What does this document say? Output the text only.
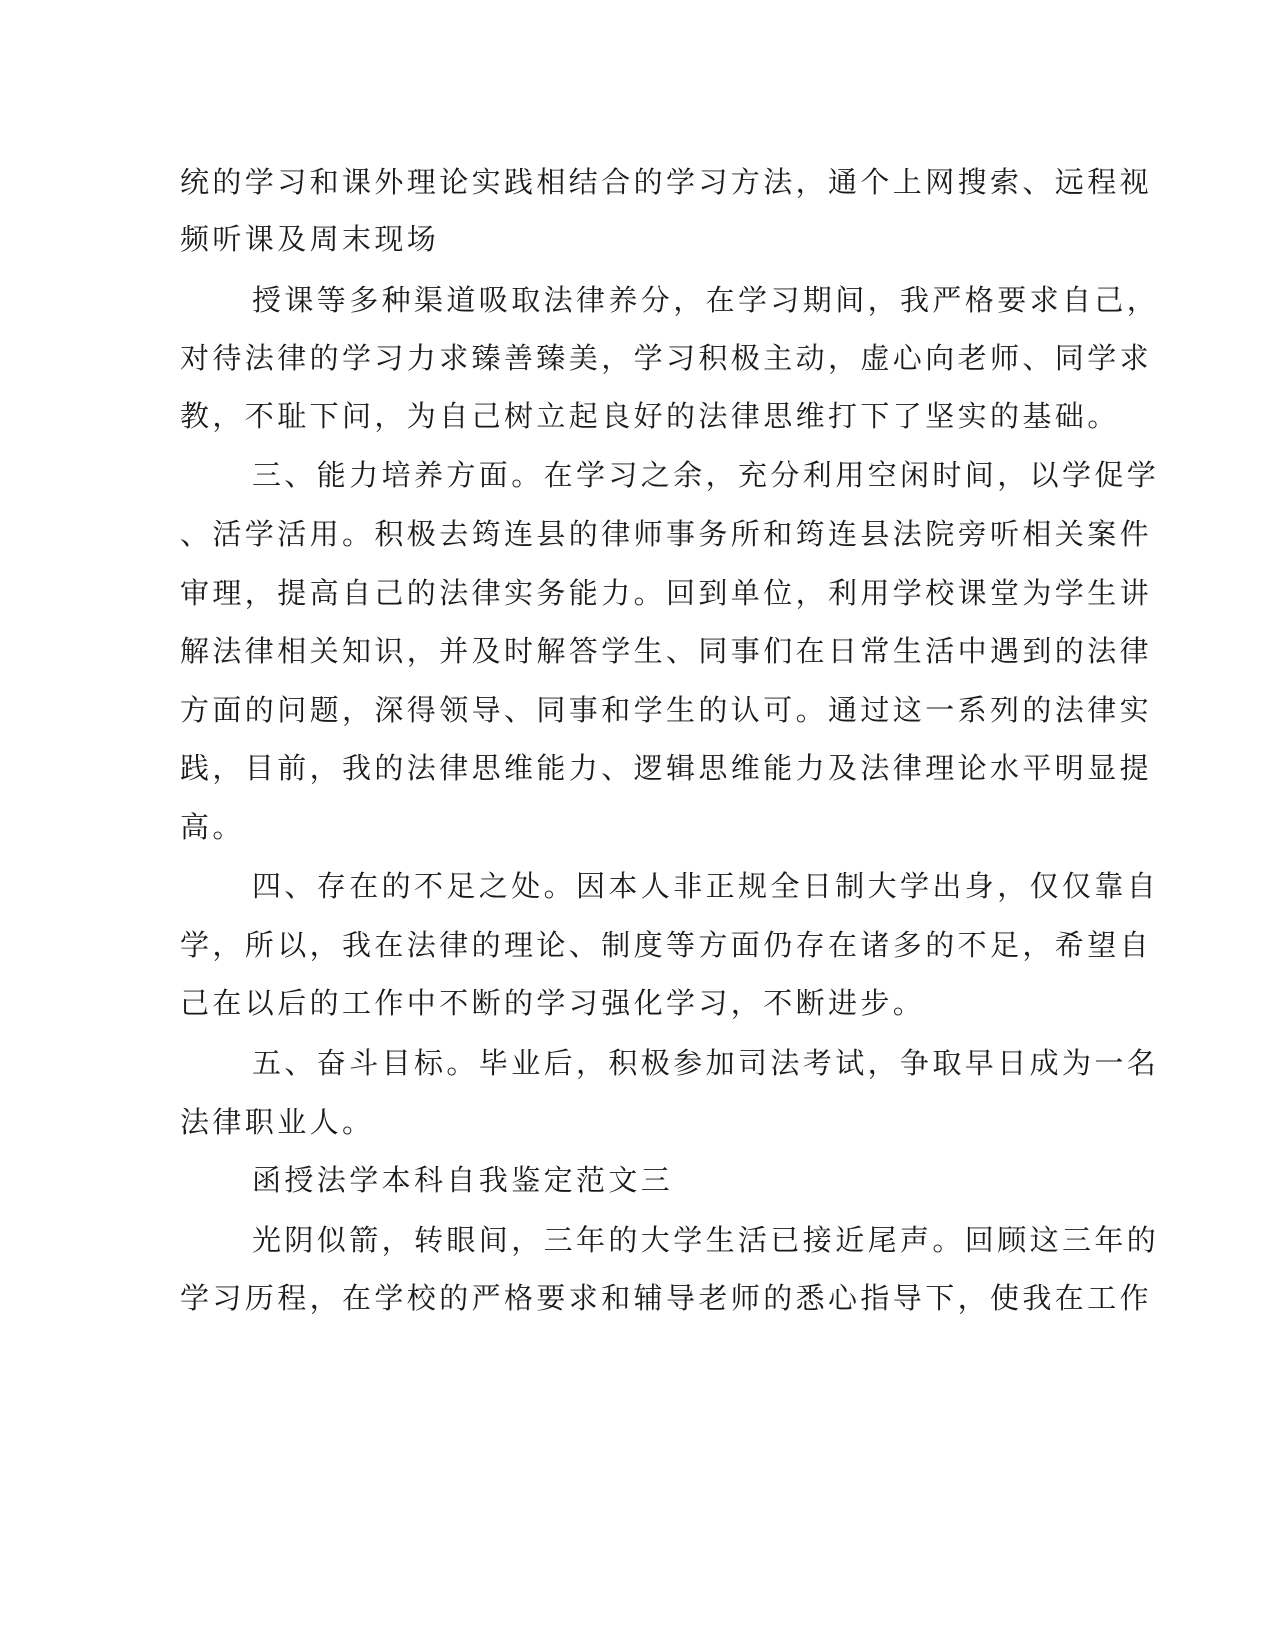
统的学习和课外理论实践相结合的学习方法，通个上网搜索、远程视
频听课及周末现场
授课等多种渠道吸取法律养分，在学习期间，我严格要求自己，
对待法律的学习力求臻善臻美，学习积极主动，虚心向老师、同学求
教，不耻下问，为自己树立起良好的法律思维打下了坚实的基础。
三、能力培养方面。在学习之余，充分利用空闲时间，以学促学
、活学活用。积极去筠连县的律师事务所和筠连县法院旁听相关案件
审理，提高自己的法律实务能力。回到单位，利用学校课堂为学生讲
解法律相关知识，并及时解答学生、同事们在日常生活中遇到的法律
方面的问题，深得领导、同事和学生的认可。通过这一系列的法律实
践，目前，我的法律思维能力、逻辑思维能力及法律理论水平明显提
高。
四、存在的不足之处。因本人非正规全日制大学出身，仅仅靠自
学，所以，我在法律的理论、制度等方面仍存在诸多的不足，希望自
己在以后的工作中不断的学习强化学习，不断进步。
五、奋斗目标。毕业后，积极参加司法考试，争取早日成为一名
法律职业人。
函授法学本科自我鉴定范文三
光阴似箭，转眼间，三年的大学生活已接近尾声。回顾这三年的
学习历程，在学校的严格要求和辅导老师的悉心指导下，使我在工作
